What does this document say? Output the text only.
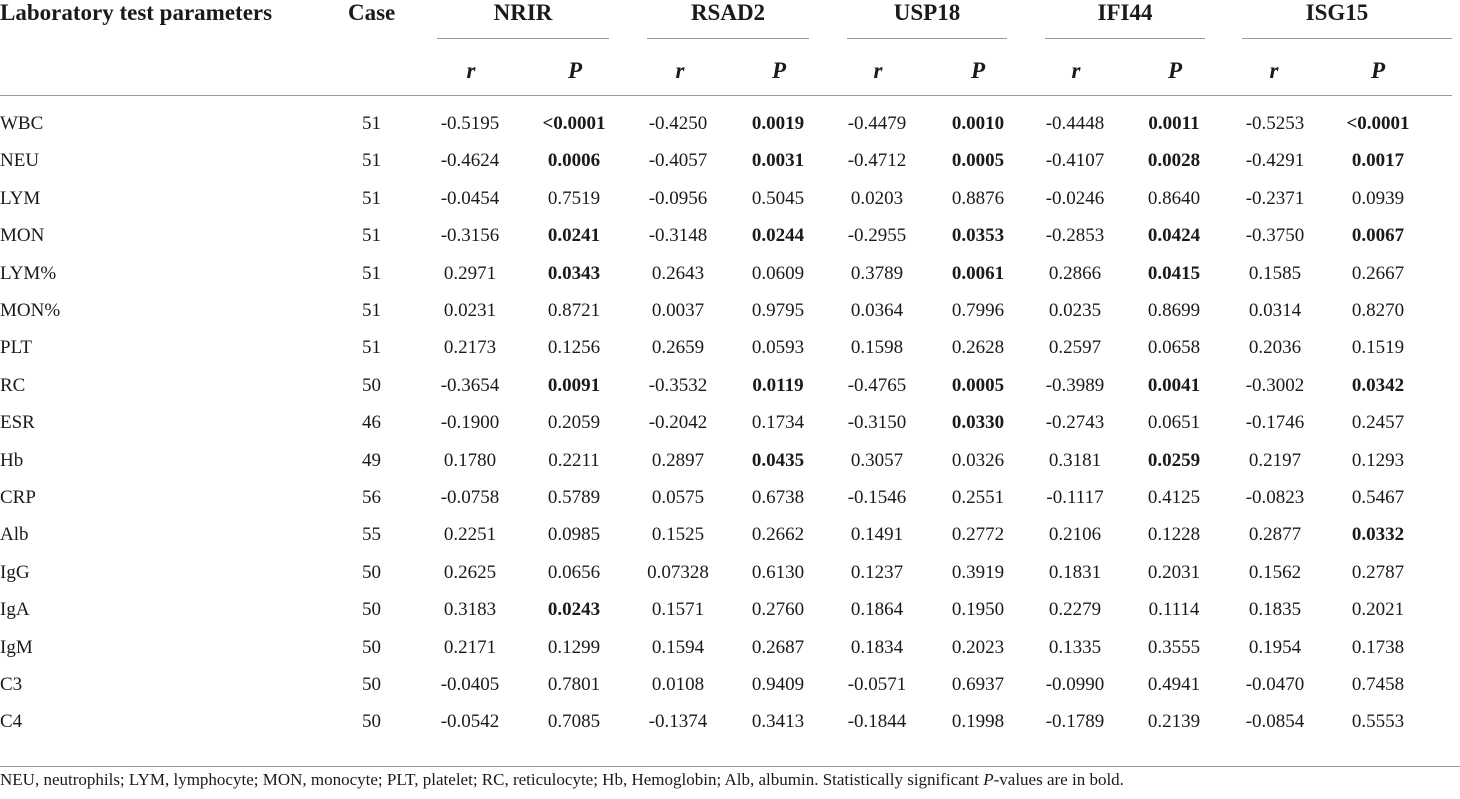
Laboratory test parameters	Case	NRIR	RSAD2	USP18	IFI44	ISG15
r	P	r	P	r	P	r	P	r	P
WBC	51	-0.5195	<0.0001	-0.4250	0.0019	-0.4479	0.0010	-0.4448	0.0011	-0.5253	<0.0001
NEU	51	-0.4624	0.0006	-0.4057	0.0031	-0.4712	0.0005	-0.4107	0.0028	-0.4291	0.0017
LYM	51	-0.0454	0.7519	-0.0956	0.5045	0.0203	0.8876	-0.0246	0.8640	-0.2371	0.0939
MON	51	-0.3156	0.0241	-0.3148	0.0244	-0.2955	0.0353	-0.2853	0.0424	-0.3750	0.0067
LYM%	51	0.2971	0.0343	0.2643	0.0609	0.3789	0.0061	0.2866	0.0415	0.1585	0.2667
MON%	51	0.0231	0.8721	0.0037	0.9795	0.0364	0.7996	0.0235	0.8699	0.0314	0.8270
PLT	51	0.2173	0.1256	0.2659	0.0593	0.1598	0.2628	0.2597	0.0658	0.2036	0.1519
RC	50	-0.3654	0.0091	-0.3532	0.0119	-0.4765	0.0005	-0.3989	0.0041	-0.3002	0.0342
ESR	46	-0.1900	0.2059	-0.2042	0.1734	-0.3150	0.0330	-0.2743	0.0651	-0.1746	0.2457
Hb	49	0.1780	0.2211	0.2897	0.0435	0.3057	0.0326	0.3181	0.0259	0.2197	0.1293
CRP	56	-0.0758	0.5789	0.0575	0.6738	-0.1546	0.2551	-0.1117	0.4125	-0.0823	0.5467
Alb	55	0.2251	0.0985	0.1525	0.2662	0.1491	0.2772	0.2106	0.1228	0.2877	0.0332
IgG	50	0.2625	0.0656	0.07328	0.6130	0.1237	0.3919	0.1831	0.2031	0.1562	0.2787
IgA	50	0.3183	0.0243	0.1571	0.2760	0.1864	0.1950	0.2279	0.1114	0.1835	0.2021
IgM	50	0.2171	0.1299	0.1594	0.2687	0.1834	0.2023	0.1335	0.3555	0.1954	0.1738
C3	50	-0.0405	0.7801	0.0108	0.9409	-0.0571	0.6937	-0.0990	0.4941	-0.0470	0.7458
C4	50	-0.0542	0.7085	-0.1374	0.3413	-0.1844	0.1998	-0.1789	0.2139	-0.0854	0.5553
NEU, neutrophils; LYM, lymphocyte; MON, monocyte; PLT, platelet; RC, reticulocyte; Hb, Hemoglobin; Alb, albumin. Statistically significant P-values are in bold.
